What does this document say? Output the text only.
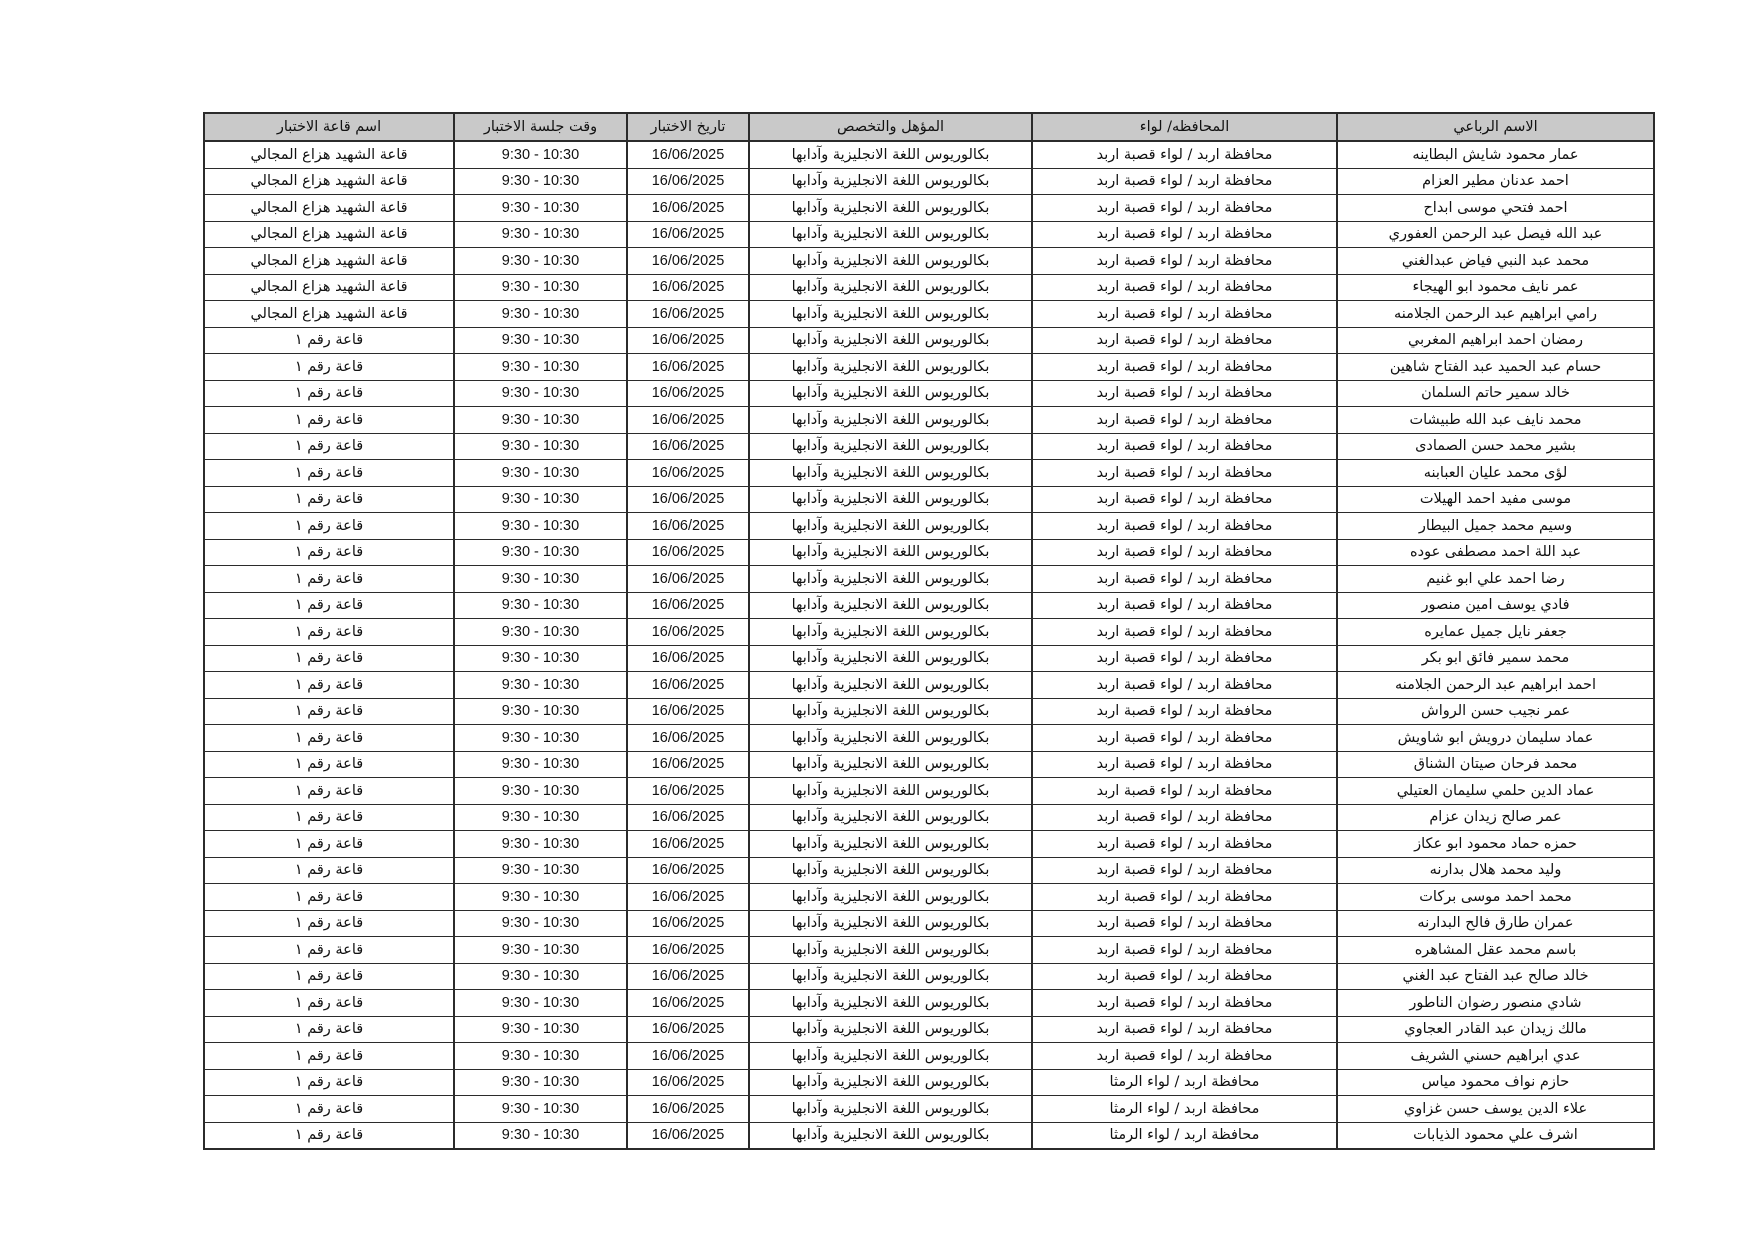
الاسم الرباعي	المحافظه/ لواء	المؤهل والتخصص	تاريخ الاختبار	وقت جلسة الاختبار	اسم قاعة الاختبار
عمار محمود شايش البطاينه	محافظة اربد / لواء قصبة اربد	بكالوريوس اللغة الانجليزية وآدابها	16/06/2025	9:30 - 10:30	قاعة الشهيد هزاع المجالي
احمد عدنان مطير العزام	محافظة اربد / لواء قصبة اربد	بكالوريوس اللغة الانجليزية وآدابها	16/06/2025	9:30 - 10:30	قاعة الشهيد هزاع المجالي
احمد فتحي موسى ابداح	محافظة اربد / لواء قصبة اربد	بكالوريوس اللغة الانجليزية وآدابها	16/06/2025	9:30 - 10:30	قاعة الشهيد هزاع المجالي
عبد الله فيصل عبد الرحمن العفوري	محافظة اربد / لواء قصبة اربد	بكالوريوس اللغة الانجليزية وآدابها	16/06/2025	9:30 - 10:30	قاعة الشهيد هزاع المجالي
محمد عبد النبي فياض عبدالغني	محافظة اربد / لواء قصبة اربد	بكالوريوس اللغة الانجليزية وآدابها	16/06/2025	9:30 - 10:30	قاعة الشهيد هزاع المجالي
عمر نايف محمود ابو الهيجاء	محافظة اربد / لواء قصبة اربد	بكالوريوس اللغة الانجليزية وآدابها	16/06/2025	9:30 - 10:30	قاعة الشهيد هزاع المجالي
رامي ابراهيم عبد الرحمن الجلامنه	محافظة اربد / لواء قصبة اربد	بكالوريوس اللغة الانجليزية وآدابها	16/06/2025	9:30 - 10:30	قاعة الشهيد هزاع المجالي
رمضان احمد ابراهيم المغربي	محافظة اربد / لواء قصبة اربد	بكالوريوس اللغة الانجليزية وآدابها	16/06/2025	9:30 - 10:30	قاعة رقم ١
حسام عبد الحميد عبد الفتاح شاهين	محافظة اربد / لواء قصبة اربد	بكالوريوس اللغة الانجليزية وآدابها	16/06/2025	9:30 - 10:30	قاعة رقم ١
خالد سمير حاتم السلمان	محافظة اربد / لواء قصبة اربد	بكالوريوس اللغة الانجليزية وآدابها	16/06/2025	9:30 - 10:30	قاعة رقم ١
محمد نايف عبد الله طبيشات	محافظة اربد / لواء قصبة اربد	بكالوريوس اللغة الانجليزية وآدابها	16/06/2025	9:30 - 10:30	قاعة رقم ١
بشير محمد حسن الصمادى	محافظة اربد / لواء قصبة اربد	بكالوريوس اللغة الانجليزية وآدابها	16/06/2025	9:30 - 10:30	قاعة رقم ١
لؤى محمد عليان العبابنه	محافظة اربد / لواء قصبة اربد	بكالوريوس اللغة الانجليزية وآدابها	16/06/2025	9:30 - 10:30	قاعة رقم ١
موسى مفيد احمد الهيلات	محافظة اربد / لواء قصبة اربد	بكالوريوس اللغة الانجليزية وآدابها	16/06/2025	9:30 - 10:30	قاعة رقم ١
وسيم محمد جميل البيطار	محافظة اربد / لواء قصبة اربد	بكالوريوس اللغة الانجليزية وآدابها	16/06/2025	9:30 - 10:30	قاعة رقم ١
عبد اللة احمد مصطفى عوده	محافظة اربد / لواء قصبة اربد	بكالوريوس اللغة الانجليزية وآدابها	16/06/2025	9:30 - 10:30	قاعة رقم ١
رضا احمد علي ابو غنيم	محافظة اربد / لواء قصبة اربد	بكالوريوس اللغة الانجليزية وآدابها	16/06/2025	9:30 - 10:30	قاعة رقم ١
فادي يوسف امين منصور	محافظة اربد / لواء قصبة اربد	بكالوريوس اللغة الانجليزية وآدابها	16/06/2025	9:30 - 10:30	قاعة رقم ١
جعفر نايل جميل عمايره	محافظة اربد / لواء قصبة اربد	بكالوريوس اللغة الانجليزية وآدابها	16/06/2025	9:30 - 10:30	قاعة رقم ١
محمد سمير فائق ابو بكر	محافظة اربد / لواء قصبة اربد	بكالوريوس اللغة الانجليزية وآدابها	16/06/2025	9:30 - 10:30	قاعة رقم ١
احمد ابراهيم عبد الرحمن الجلامنه	محافظة اربد / لواء قصبة اربد	بكالوريوس اللغة الانجليزية وآدابها	16/06/2025	9:30 - 10:30	قاعة رقم ١
عمر نجيب حسن الرواش	محافظة اربد / لواء قصبة اربد	بكالوريوس اللغة الانجليزية وآدابها	16/06/2025	9:30 - 10:30	قاعة رقم ١
عماد سليمان درويش ابو شاويش	محافظة اربد / لواء قصبة اربد	بكالوريوس اللغة الانجليزية وآدابها	16/06/2025	9:30 - 10:30	قاعة رقم ١
محمد فرحان صيتان الشناق	محافظة اربد / لواء قصبة اربد	بكالوريوس اللغة الانجليزية وآدابها	16/06/2025	9:30 - 10:30	قاعة رقم ١
عماد الدين حلمي سليمان العتيلي	محافظة اربد / لواء قصبة اربد	بكالوريوس اللغة الانجليزية وآدابها	16/06/2025	9:30 - 10:30	قاعة رقم ١
عمر صالح زيدان عزام	محافظة اربد / لواء قصبة اربد	بكالوريوس اللغة الانجليزية وآدابها	16/06/2025	9:30 - 10:30	قاعة رقم ١
حمزه حماد محمود ابو عكاز	محافظة اربد / لواء قصبة اربد	بكالوريوس اللغة الانجليزية وآدابها	16/06/2025	9:30 - 10:30	قاعة رقم ١
وليد محمد هلال بدارنه	محافظة اربد / لواء قصبة اربد	بكالوريوس اللغة الانجليزية وآدابها	16/06/2025	9:30 - 10:30	قاعة رقم ١
محمد احمد موسى بركات	محافظة اربد / لواء قصبة اربد	بكالوريوس اللغة الانجليزية وآدابها	16/06/2025	9:30 - 10:30	قاعة رقم ١
عمران طارق فالح البدارنه	محافظة اربد / لواء قصبة اربد	بكالوريوس اللغة الانجليزية وآدابها	16/06/2025	9:30 - 10:30	قاعة رقم ١
باسم محمد عقل المشاهره	محافظة اربد / لواء قصبة اربد	بكالوريوس اللغة الانجليزية وآدابها	16/06/2025	9:30 - 10:30	قاعة رقم ١
خالد صالح عبد الفتاح عبد الغني	محافظة اربد / لواء قصبة اربد	بكالوريوس اللغة الانجليزية وآدابها	16/06/2025	9:30 - 10:30	قاعة رقم ١
شادي منصور رضوان الناطور	محافظة اربد / لواء قصبة اربد	بكالوريوس اللغة الانجليزية وآدابها	16/06/2025	9:30 - 10:30	قاعة رقم ١
مالك زيدان عبد القادر العجاوي	محافظة اربد / لواء قصبة اربد	بكالوريوس اللغة الانجليزية وآدابها	16/06/2025	9:30 - 10:30	قاعة رقم ١
عدي ابراهيم حسني الشريف	محافظة اربد / لواء قصبة اربد	بكالوريوس اللغة الانجليزية وآدابها	16/06/2025	9:30 - 10:30	قاعة رقم ١
حازم نواف محمود مياس	محافظة اربد / لواء الرمثا	بكالوريوس اللغة الانجليزية وآدابها	16/06/2025	9:30 - 10:30	قاعة رقم ١
علاء الدين يوسف حسن غزاوي	محافظة اربد / لواء الرمثا	بكالوريوس اللغة الانجليزية وآدابها	16/06/2025	9:30 - 10:30	قاعة رقم ١
اشرف علي محمود الذيابات	محافظة اربد / لواء الرمثا	بكالوريوس اللغة الانجليزية وآدابها	16/06/2025	9:30 - 10:30	قاعة رقم ١
